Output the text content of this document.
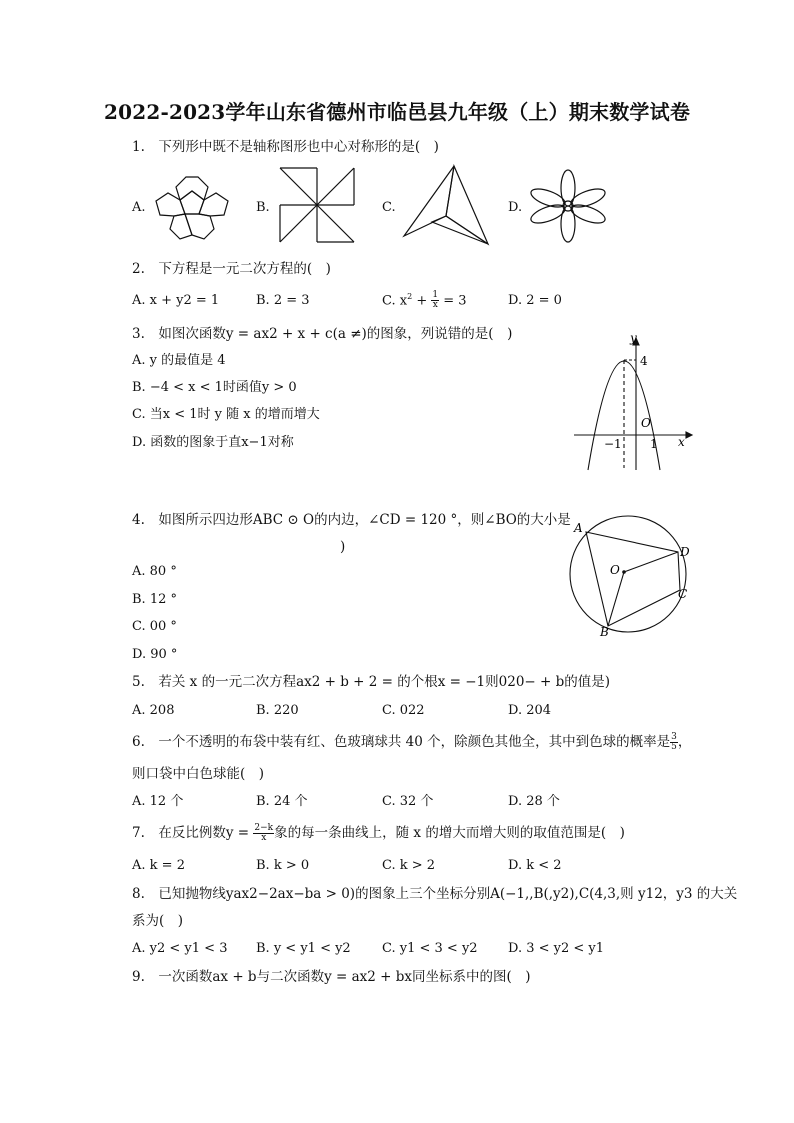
2022-2023学年山东省德州市临邑县九年级（上）期末数学试卷
1.　下列形中既不是轴称图形也中心对称形的是(　)
A.	B.	C.	D.
2.　下方程是一元二次方程的(　)
A. x + y2 = 1	B. 2 = 3	C. $x^2 + \frac{1}{x} = 3$	D. 2 = 0
3.　如图次函数y = ax2 + x + c(a ≠)的图象，列说错的是(　)
A. y 的最值是 4
B. −4 < x < 1时函值y > 0
C. 当x < 1时 y 随 x 的增而增大
D. 函数的图象于直x−1对称
y
4
O
−1 1 x
4.　如图所示四边形ABC ⊙ O的内边，∠CD = 120 °，则∠BO的大小是
)
A. 80 °
B. 12 °
C. 00 °
D. 90 °
A
D
C
B
O
5.　若关 x 的一元二次方程ax2 + b + 2 = 的个根x = −1则020− + b的值是)
A. 208	B. 220	C. 022	D. 204
6.　一个不透明的布袋中装有红、色玻璃球共 40 个，除颜色其他全，其中到色球的概率是 $\frac{3}{5}$ ，
则口袋中白色球能(　)
A. 12 个	B. 24 个	C. 32 个	D. 28 个
7.　在反比例数$y = \frac{2-k}{x}$ 象的每一条曲线上，随 x 的增大而增大则的取值范围是(　)
A. k = 2	B. k > 0	C. k > 2	D. k < 2
8.　已知抛物线yax2−2ax−ba > 0)的图象上三个坐标分别A(−1,,B(,y2),C(4,3,则 y12，y3 的大关
系为(　)
A. y2 < y1 < 3 B. y < y1 < y2 C. y1 < 3 < y2 D. 3 < y2 < y1
9.　一次函数ax + b与二次函数y = ax2 + bx同坐标系中的图(　)
